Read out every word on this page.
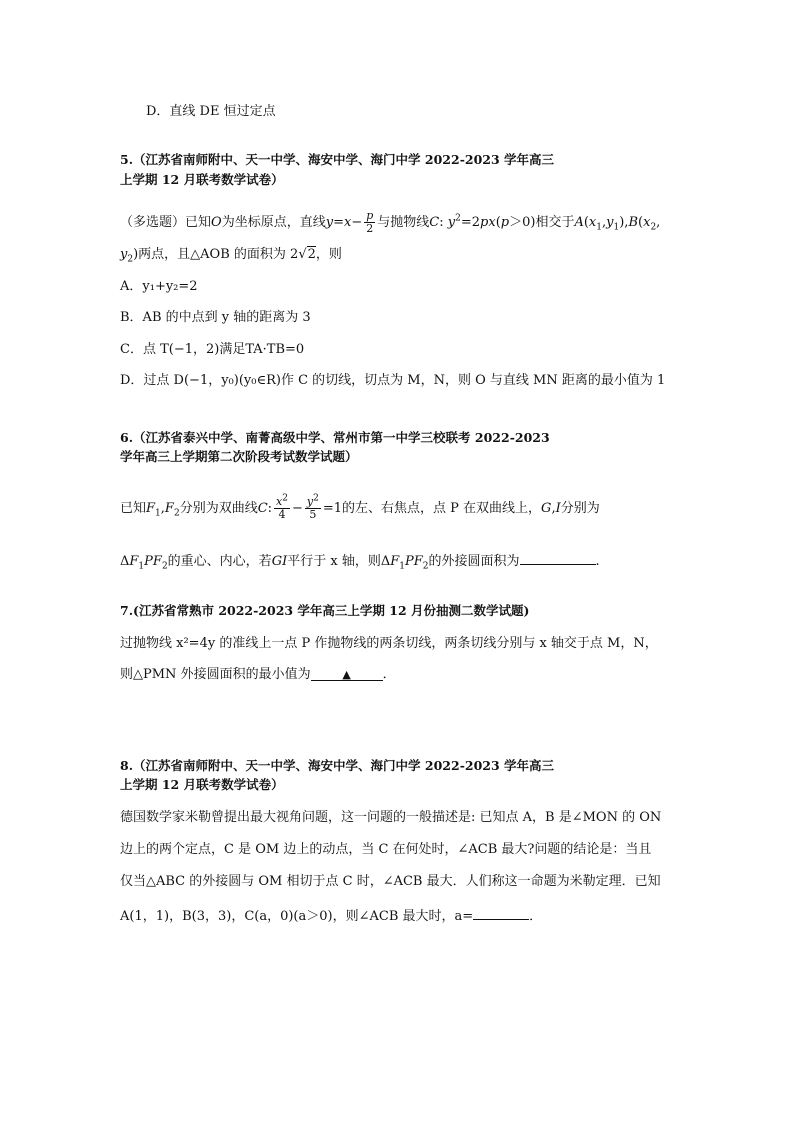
D．直线 DE 恒过定点
5.（江苏省南师附中、天一中学、海安中学、海门中学 2022-2023 学年高三
上学期 12 月联考数学试卷）
（多选题）已知O为坐标原点，直线$y=x- \frac{p}{2}$ 与抛物线C: $y^2=2px(p>0)$相交于$A(x_1,y_1),B(x_2$,
$y_2$)两点，且△AOB 的面积为 2√2，则
A．y₁+y₂=2
B．AB 的中点到 y 轴的距离为 3
C．点 T(−1，2)满足TA·TB=0
D．过点 D(−1，y₀)(y₀∈R)作 C 的切线，切点为 M，N，则 O 与直线 MN 距离的最小值为 1
6.（江苏省泰兴中学、南菁高级中学、常州市第一中学三校联考 2022-2023
学年高三上学期第二次阶段考试数学试题）
已知$F_1,F_2$分别为双曲线C: $\frac{x^2}{4} - \frac{y^2}{5} =1$的左、右焦点，点 P 在双曲线上，G,I分别为
$\Delta F_1PF_2$的重心、内心，若GI平行于 x 轴，则$\Delta F_1PF_2$的外接圆面积为	.
7.(江苏省常熟市 2022-2023 学年高三上学期 12 月份抽测二数学试题)
过抛物线 x²=4y 的准线上一点 P 作抛物线的两条切线，两条切线分别与 x 轴交于点 M，N，
则△PMN 外接圆面积的最小值为	▲ ．
8.（江苏省南师附中、天一中学、海安中学、海门中学 2022-2023 学年高三
上学期 12 月联考数学试卷）
德国数学家米勒曾提出最大视角问题，这一问题的一般描述是: 已知点 A，B 是∠MON 的 ON
边上的两个定点，C 是 OM 边上的动点，当 C 在何处时，∠ACB 最大?问题的结论是：当且
仅当△ABC 的外接圆与 OM 相切于点 C 时，∠ACB 最大．人们称这一命题为米勒定理．已知
A(1，1)，B(3，3)，C(a，0)(a＞0)，则∠ACB 最大时，a=	．
